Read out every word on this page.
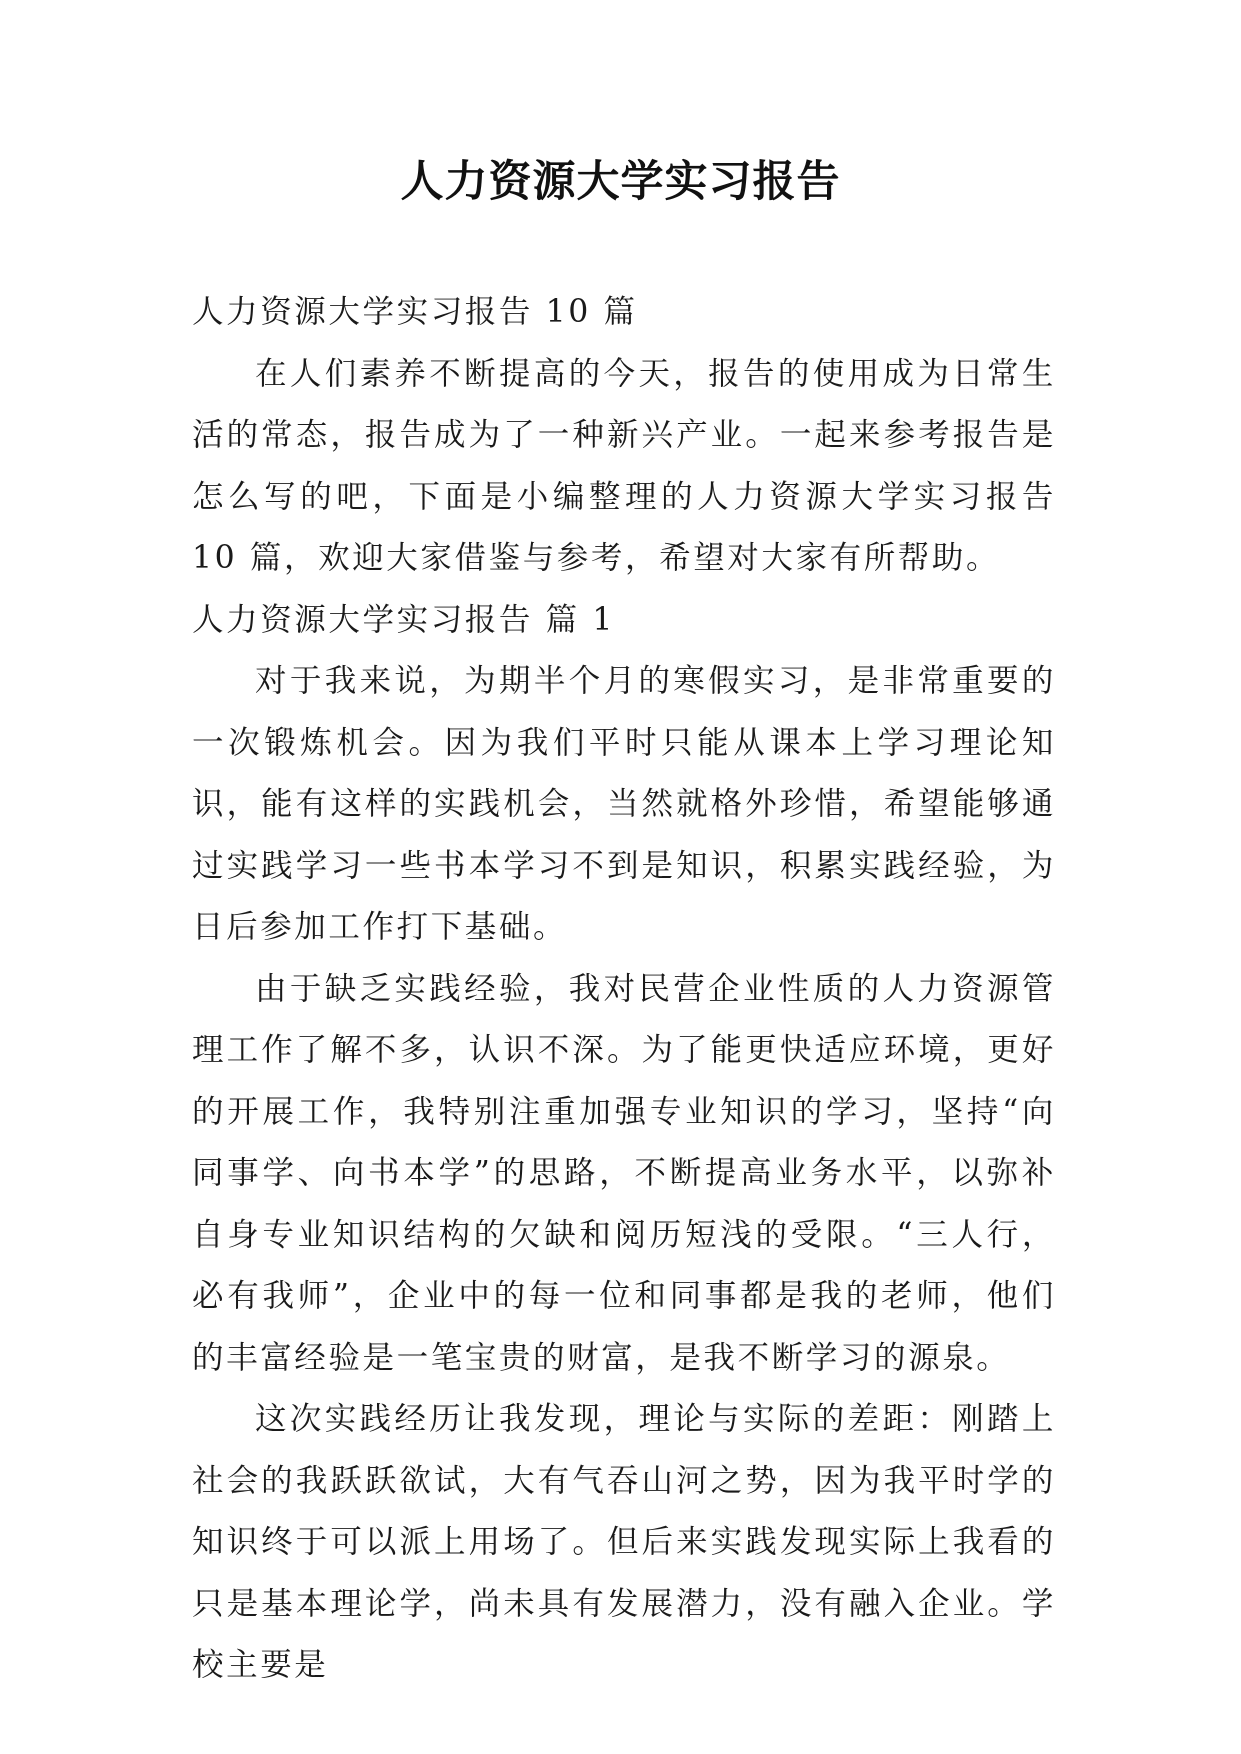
人力资源大学实习报告

人力资源大学实习报告 10 篇

在人们素养不断提高的今天，报告的使用成为日常生活的常态，报告成为了一种新兴产业。一起来参考报告是怎么写的吧，下面是小编整理的人力资源大学实习报告 10 篇，欢迎大家借鉴与参考，希望对大家有所帮助。

人力资源大学实习报告 篇 1

对于我来说，为期半个月的寒假实习，是非常重要的一次锻炼机会。因为我们平时只能从课本上学习理论知识，能有这样的实践机会，当然就格外珍惜，希望能够通过实践学习一些书本学习不到是知识，积累实践经验，为日后参加工作打下基础。

由于缺乏实践经验，我对民营企业性质的人力资源管理工作了解不多，认识不深。为了能更快适应环境，更好的开展工作，我特别注重加强专业知识的学习，坚持“向同事学、向书本学”的思路，不断提高业务水平，以弥补自身专业知识结构的欠缺和阅历短浅的受限。“三人行，必有我师”，企业中的每一位和同事都是我的老师，他们的丰富经验是一笔宝贵的财富，是我不断学习的源泉。

这次实践经历让我发现，理论与实际的差距：刚踏上社会的我跃跃欲试，大有气吞山河之势，因为我平时学的知识终于可以派上用场了。但后来实践发现实际上我看的只是基本理论学，尚未具有发展潜力，没有融入企业。学校主要是
